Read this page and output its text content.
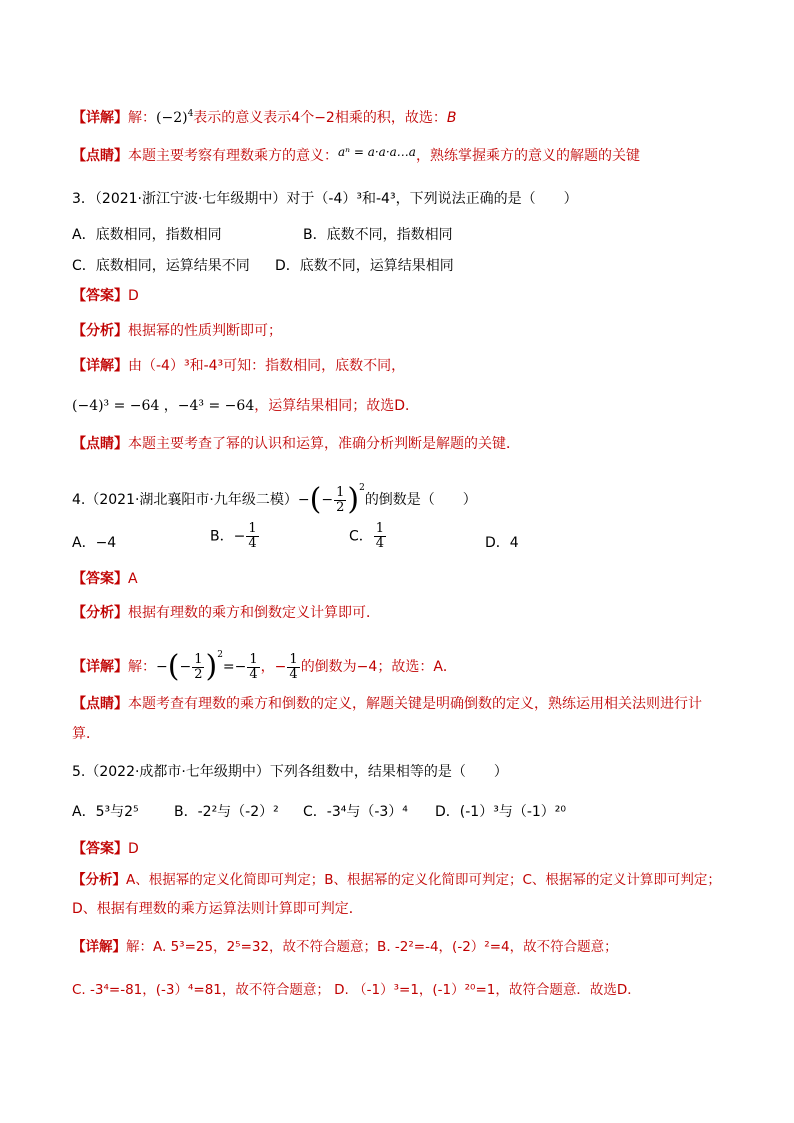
【详解】解：$(-2)^4$表示的意义表示4个−2相乘的积，故选：B
【点睛】本题主要考察有理数乘方的意义：aⁿ = a·a·a…a，熟练掌握乘方的意义的解题的关键
3．（2021·浙江宁波·七年级期中）对于（-4）³和-4³，下列说法正确的是（　　）
A．底数相同，指数相同	B．底数不同，指数相同
C．底数相同，运算结果不同 D．底数不同，运算结果相同
【答案】D
【分析】根据幂的性质判断即可；
【详解】由（-4）³和-4³可知：指数相同，底数不同，
(−4)³ = −64 ，−4³ = −64，运算结果相同；故选D．
【点睛】本题主要考查了幂的认识和运算，准确分析判断是解题的关键．
4.（2021·湖北襄阳市·九年级二模）−(− $\frac{1}{2} )^2$的倒数是（　　）
A．−4	B．− $\frac{1}{4}$	C． $\frac{1}{4}$	D．4
【答案】A
【分析】根据有理数的乘方和倒数定义计算即可．
【详解】解：−(− $\frac{1}{2} )^2=- \frac{1}{4}$ ，− $\frac{1}{4}$ 的倒数为−4；故选：A．
【点睛】本题考查有理数的乘方和倒数的定义，解题关键是明确倒数的定义，熟练运用相关法则进行计
算．
5.（2022·成都市·七年级期中）下列各组数中，结果相等的是（　　）
A．5³与2⁵	B．-2²与（-2）² C．-3⁴与（-3）⁴ D．(-1）³与（-1）²⁰
【答案】D
【分析】A、根据幂的定义化简即可判定；B、根据幂的定义化简即可判定；C、根据幂的定义计算即可判定；
D、根据有理数的乘方运算法则计算即可判定．
【详解】解：A. 5³=25，2⁵=32，故不符合题意；B. -2²=-4，(-2）²=4，故不符合题意；
C. -3⁴=-81，(-3）⁴=81，故不符合题意； D. （-1）³=1，(-1）²⁰=1，故符合题意．故选D．
